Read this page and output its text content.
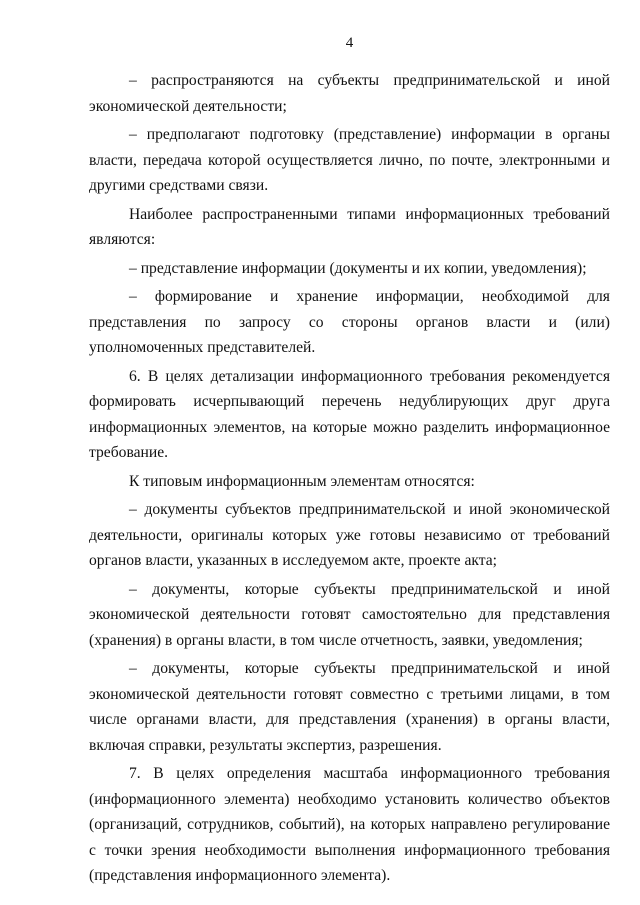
4

– распространяются на субъекты предпринимательской и иной экономической деятельности;

– предполагают подготовку (представление) информации в органы власти, передача которой осуществляется лично, по почте, электронными и другими средствами связи.

Наиболее распространенными типами информационных требований являются:

– представление информации (документы и их копии, уведомления);

– формирование и хранение информации, необходимой для представления по запросу со стороны органов власти и (или) уполномоченных представителей.

6. В целях детализации информационного требования рекомендуется формировать исчерпывающий перечень недублирующих друг друга информационных элементов, на которые можно разделить информационное требование.

К типовым информационным элементам относятся:

– документы субъектов предпринимательской и иной экономической деятельности, оригиналы которых уже готовы независимо от требований органов власти, указанных в исследуемом акте, проекте акта;

– документы, которые субъекты предпринимательской и иной экономической деятельности готовят самостоятельно для представления (хранения) в органы власти, в том числе отчетность, заявки, уведомления;

– документы, которые субъекты предпринимательской и иной экономической деятельности готовят совместно с третьими лицами, в том числе органами власти, для представления (хранения) в органы власти, включая справки, результаты экспертиз, разрешения.

7. В целях определения масштаба информационного требования (информационного элемента) необходимо установить количество объектов (организаций, сотрудников, событий), на которых направлено регулирование с точки зрения необходимости выполнения информационного требования (представления информационного элемента).
